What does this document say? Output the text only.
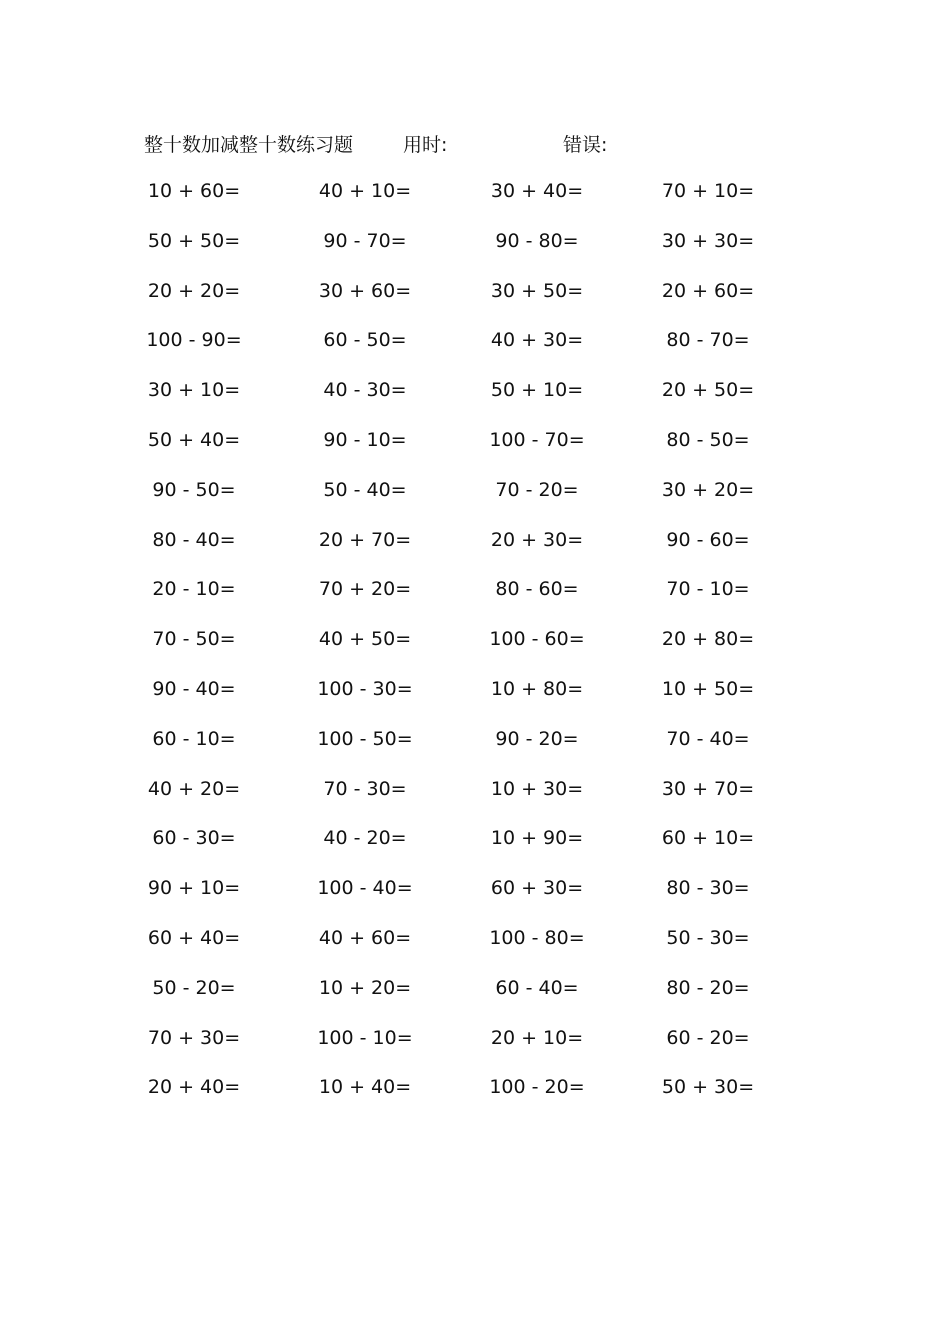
整十数加减整十数练习题	用时:	错误:
10 + 60=	40 + 10=	30 + 40=	70 + 10=
50 + 50=	90 - 70=	90 - 80=	30 + 30=
20 + 20=	30 + 60=	30 + 50=	20 + 60=
100 - 90=	60 - 50=	40 + 30=	80 - 70=
30 + 10=	40 - 30=	50 + 10=	20 + 50=
50 + 40=	90 - 10=	100 - 70=	80 - 50=
90 - 50=	50 - 40=	70 - 20=	30 + 20=
80 - 40=	20 + 70=	20 + 30=	90 - 60=
20 - 10=	70 + 20=	80 - 60=	70 - 10=
70 - 50=	40 + 50=	100 - 60=	20 + 80=
90 - 40=	100 - 30=	10 + 80=	10 + 50=
60 - 10=	100 - 50=	90 - 20=	70 - 40=
40 + 20=	70 - 30=	10 + 30=	30 + 70=
60 - 30=	40 - 20=	10 + 90=	60 + 10=
90 + 10=	100 - 40=	60 + 30=	80 - 30=
60 + 40=	40 + 60=	100 - 80=	50 - 30=
50 - 20=	10 + 20=	60 - 40=	80 - 20=
70 + 30=	100 - 10=	20 + 10=	60 - 20=
20 + 40=	10 + 40=	100 - 20=	50 + 30=
